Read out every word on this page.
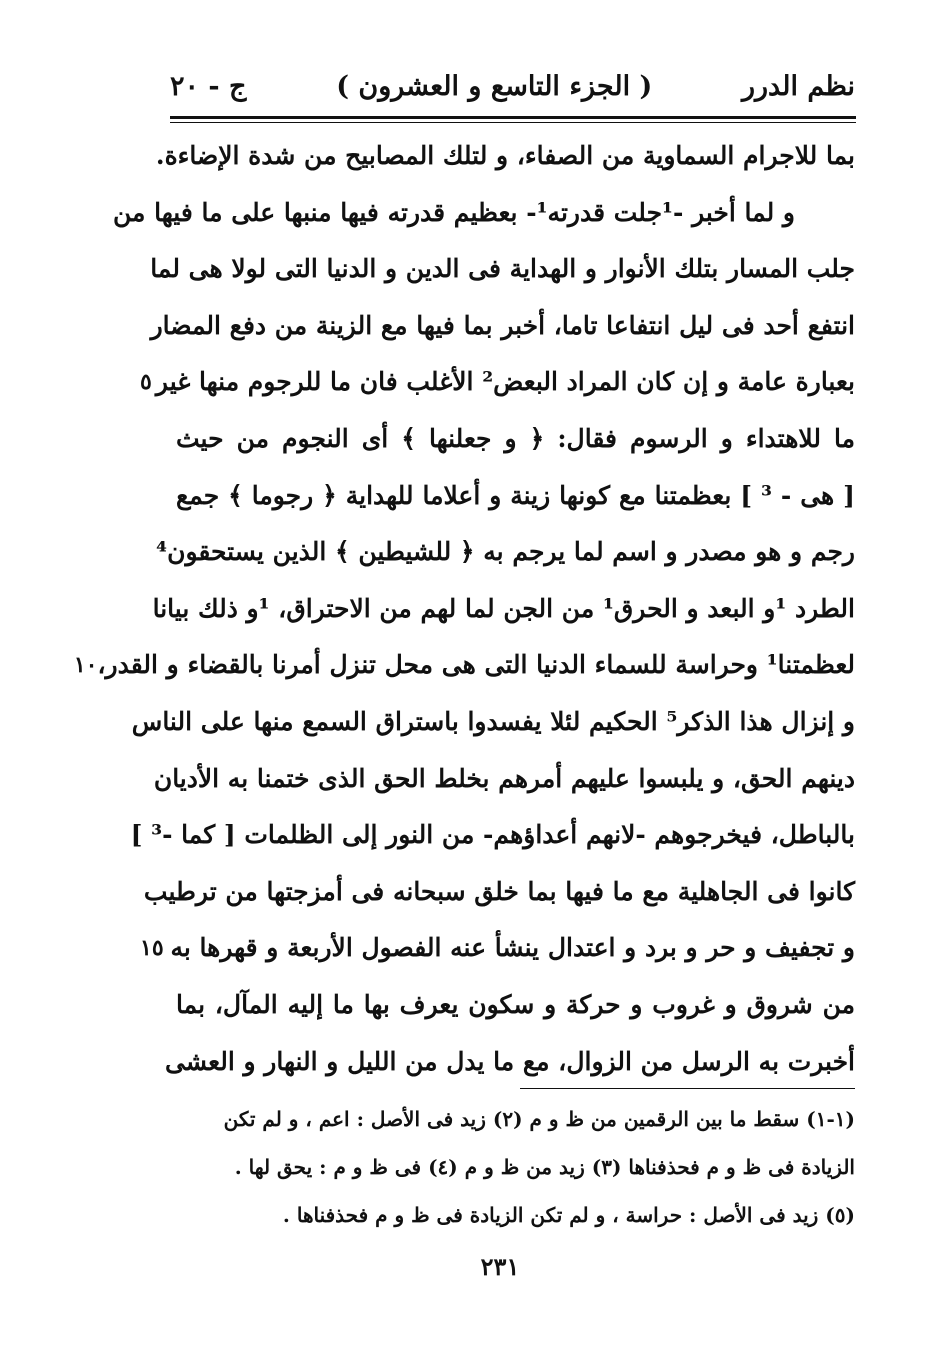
نظم الدرر
( الجزء التاسع و العشرون )
ج - ٢٠
بما للاجرام السماوية من الصفاء، و لتلك المصابيح من شدة الإضاءة.
و لما أخبر -¹جلت قدرته¹- بعظيم قدرته فيها منبها على ما فيها من
جلب المسار بتلك الأنوار و الهداية فى الدين و الدنيا التى لولا هى لما
انتفع أحد فى ليل انتفاعا تاما، أخبر بما فيها مع الزينة من دفع المضار
بعبارة عامة و إن كان المراد البعض² الأغلب فان ما للرجوم منها غير
٥
ما للاهتداء و الرسوم فقال: ﴿ و جعلنها ﴾ أى النجوم من حيث
[ هى - ³ ] بعظمتنا مع كونها زينة و أعلاما للهداية ﴿ رجوما ﴾ جمع
رجم و هو مصدر و اسم لما يرجم به ﴿ للشيطين ﴾ الذين يستحقون⁴
الطرد ¹و البعد و الحرق¹ من الجن لما لهم من الاحتراق، ¹و ذلك بيانا
لعظمتنا¹ وحراسة للسماء الدنيا التى هى محل تنزل أمرنا بالقضاء و القدر،
١٠
و إنزال هذا الذكر⁵ الحكيم لئلا يفسدوا باستراق السمع منها على الناس
دينهم الحق، و يلبسوا عليهم أمرهم بخلط الحق الذى ختمنا به الأديان
بالباطل، فيخرجوهم -لانهم أعداؤهم- من النور إلى الظلمات [ كما -³ ]
كانوا فى الجاهلية مع ما فيها بما خلق سبحانه فى أمزجتها من ترطيب
و تجفيف و حر و برد و اعتدال ينشأ عنه الفصول الأربعة و قهرها به
١٥
من شروق و غروب و حركة و سكون يعرف بها ما إليه المآل، بما
أخبرت به الرسل من الزوال، مع ما يدل من الليل و النهار و العشى
(١-١) سقط ما بين الرقمين من ظ و م (٢) زيد فى الأصل : اعم ، و لم تكن
الزيادة فى ظ و م فحذفناها (٣) زيد من ظ و م (٤) فى ظ و م : يحق لها .
(٥) زيد فى الأصل : حراسة ، و لم تكن الزيادة فى ظ و م فحذفناها .
٢٣١
